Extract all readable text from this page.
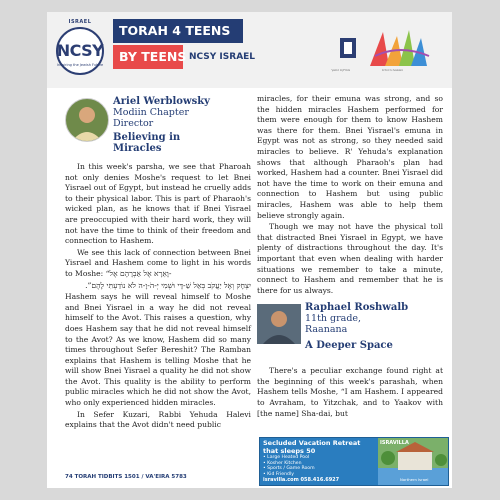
ISRAEL
NCSY
Inspiring the Jewish Future
TORAH 4 TEENS
BY TEENS NCSY ISRAEL
מחלקת החינוך	הסוכנות היהודית
Ariel Werblowsky
Modiin Chapter
Director
Believing in
Miracles

In this week's parsha, we see that Pharoah not only denies Moshe's request to let Bnei Yisrael out of Egypt, but instead he cruelly adds to their physical labor. This is part of Pharaoh's wicked plan, as he knows that if Bnei Yisrael are preoccupied with their hard work, they will not have the time to think of their freedom and connection to Hashem.

We see this lack of connection between Bnei Yisrael and Hashem come to light in his words to Moshe: “וָאֵרָא אֶל אַבְרָהָם אֶל-

יִצְחָק וְאֶל יַעֲקֹב בְּאֵל שַׁ-דָּי וּשְׁמִי יְ-הֹ-וָ-ה לֹא נוֹדַעְתִּי לָהֶם”.

Hashem says he will reveal himself to Moshe and Bnei Yisrael in a way he did not reveal himself to the Avot. This raises a question, why does Hashem say that he did not reveal himself to the Avot? As we know, Hashem did so many times throughout Sefer Bereshit? The Ramban explains that Hashem is telling Moshe that he will show Bnei Yisrael a quality he did not show the Avot. This quality is the ability to perform public miracles which he did not show the Avot, who only experienced hidden miracles.

In Sefer Kuzari, Rabbi Yehuda Halevi explains that the Avot didn't need public

miracles, for their emuna was strong, and so the hidden miracles Hashem performed for them were enough for them to know Hashem was there for them. Bnei Yisrael's emuna in Egypt was not as strong, so they needed said miracles to believe. R' Yehuda's explanation shows that although Pharaoh's plan had worked, Hashem had a counter. Bnei Yisrael did not have the time to work on their emuna and connection to Hashem but using public miracles, Hashem was able to help them believe strongly again.

Though we may not have the physical toll that distracted Bnei Yisrael in Egypt, we have plenty of distractions throughout the day. It's important that even when dealing with harder situations we remember to take a minute, connect to Hashem and remember that he is there for us always.

Raphael Roshwalb
11th grade,
Raanana
A Deeper Space

There's a peculiar exchange found right at the beginning of this week's parashah, when Hashem tells Moshe, “I am Hashem. I appeared to Avraham, to Yitzchak, and to Yaakov with [the name] Sha-dai, but

Secluded Vacation Retreat that sleeps 50
• Large Heated Pool
• Kosher Kitchen
• Sports / Game Room
• Kid Friendly
isravilla.com 058.416.6927
ISRAVILLA
Northern Israel
74 TORAH TIDBITS 1501 / VA'EIRA 5783
